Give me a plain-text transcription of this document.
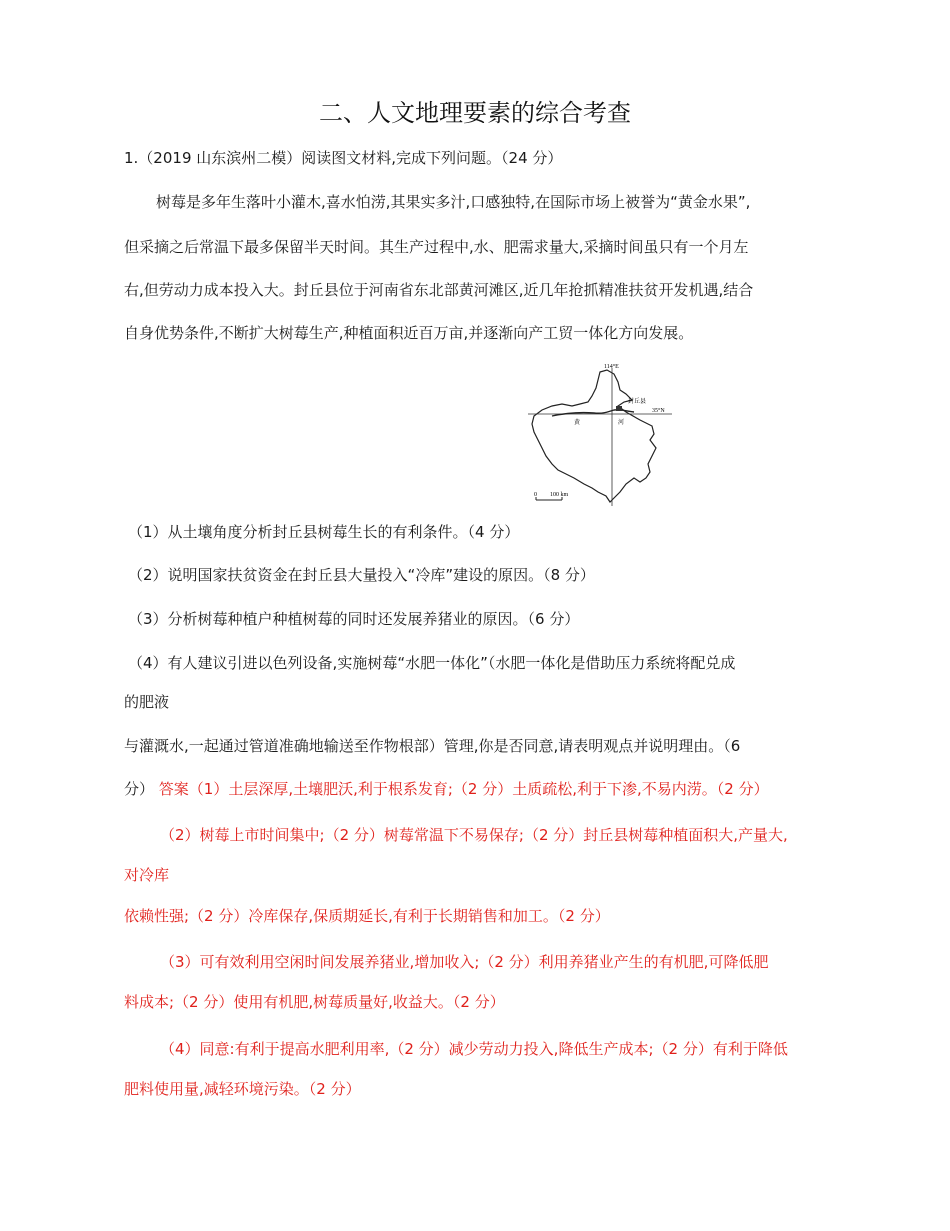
二、人文地理要素的综合考查
1.（2019 山东滨州二模）阅读图文材料,完成下列问题。（24 分）
树莓是多年生落叶小灌木,喜水怕涝,其果实多汁,口感独特,在国际市场上被誉为“黄金水果”,
但采摘之后常温下最多保留半天时间。其生产过程中,水、肥需求量大,采摘时间虽只有一个月左
右,但劳动力成本投入大。封丘县位于河南省东北部黄河滩区,近几年抢抓精准扶贫开发机遇,结合
自身优势条件,不断扩大树莓生产,种植面积近百万亩,并逐渐向产工贸一体化方向发展。
114°E
封丘县
35°N
黄	河
0 100 km
（1）从土壤角度分析封丘县树莓生长的有利条件。（4 分）
（2）说明国家扶贫资金在封丘县大量投入“冷库”建设的原因。（8 分）
（3）分析树莓种植户种植树莓的同时还发展养猪业的原因。（6 分）
（4）有人建议引进以色列设备,实施树莓“水肥一体化”（水肥一体化是借助压力系统将配兑成
的肥液
与灌溉水,一起通过管道准确地输送至作物根部）管理,你是否同意,请表明观点并说明理由。（6
分） 答案（1）土层深厚,土壤肥沃,利于根系发育;（2 分）土质疏松,利于下渗,不易内涝。（2 分）
（2）树莓上市时间集中;（2 分）树莓常温下不易保存;（2 分）封丘县树莓种植面积大,产量大,
对冷库
依赖性强;（2 分）冷库保存,保质期延长,有利于长期销售和加工。（2 分）
（3）可有效利用空闲时间发展养猪业,增加收入;（2 分）利用养猪业产生的有机肥,可降低肥
料成本;（2 分）使用有机肥,树莓质量好,收益大。（2 分）
（4）同意:有利于提高水肥利用率,（2 分）减少劳动力投入,降低生产成本;（2 分）有利于降低
肥料使用量,减轻环境污染。（2 分）
